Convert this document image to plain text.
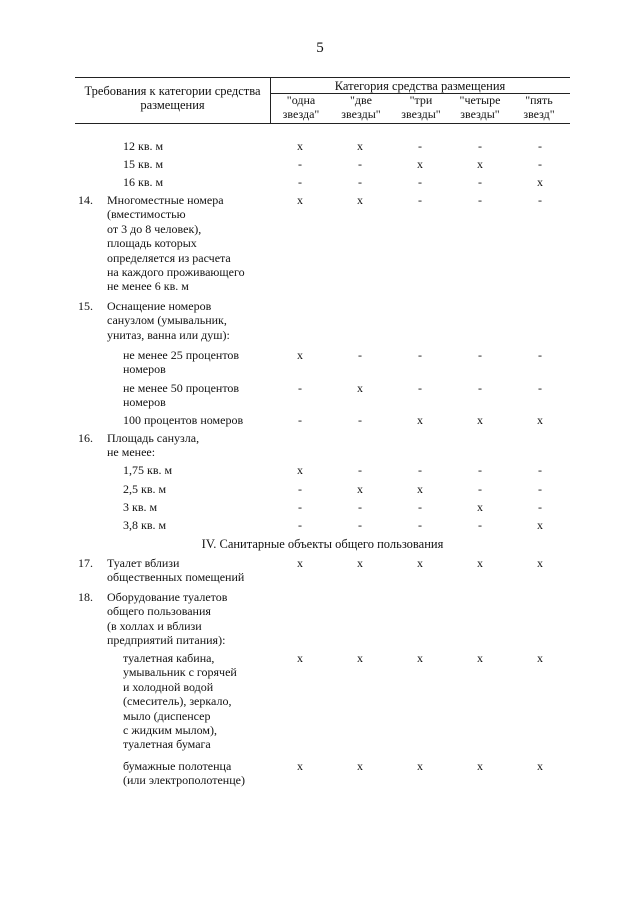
5
Требования к категории средства размещения
Категория средства размещения
"одна звезда"
"две звезды"
"три звезды"
"четыре звезды"
"пять звезд"
12 кв. м	x	x	-	-	-
15 кв. м	-	-	x	x	-
16 кв. м	-	-	-	-	x
14. Многоместные номера (вместимостью
от 3 до 8 человек),
площадь которых
определяется из расчета
на каждого проживающего
не менее 6 кв. м
x	x	-	-	-
15. Оснащение номеров
санузлом (умывальник,
унитаз, ванна или душ):
не менее 25 процентов
номеров
x	-	-	-	-
не менее 50 процентов
номеров
-	x	-	-	-
100 процентов номеров	-	-	x	x	x
16. Площадь санузла,
не менее:
1,75 кв. м	x	-	-	-	-
2,5 кв. м	-	x	x	-	-
3 кв. м	-	-	-	x	-
3,8 кв. м	-	-	-	-	x
17. Туалет вблизи
общественных помещений
x	x	x	x	x
18. Оборудование туалетов
общего пользования
(в холлах и вблизи
предприятий питания):
туалетная кабина,
умывальник с горячей
и холодной водой
(смеситель), зеркало,
мыло (диспенсер
с жидким мылом),
туалетная бумага
x	x	x	x	x
бумажные полотенца
(или электрополотенце)
x	x	x	x	x
IV. Санитарные объекты общего пользования
